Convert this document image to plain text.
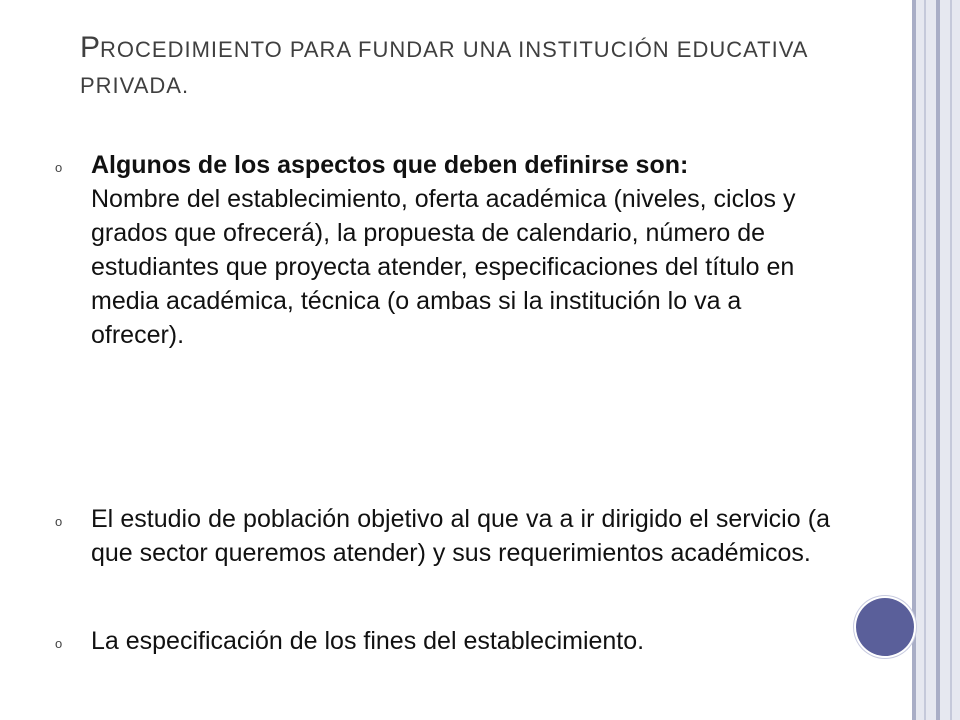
PROCEDIMIENTO PARA FUNDAR UNA INSTITUCIÓN EDUCATIVA PRIVADA.
o	Algunos de los aspectos que deben definirse son:
Nombre del establecimiento, oferta académica (niveles, ciclos y grados que ofrecerá), la propuesta de calendario, número de estudiantes que proyecta atender, especificaciones del título en media académica, técnica (o ambas si la institución lo va a ofrecer).
o	El estudio de población objetivo al que va a ir dirigido el servicio (a que sector queremos atender) y sus requerimientos académicos.
o	La especificación de los fines del establecimiento.
